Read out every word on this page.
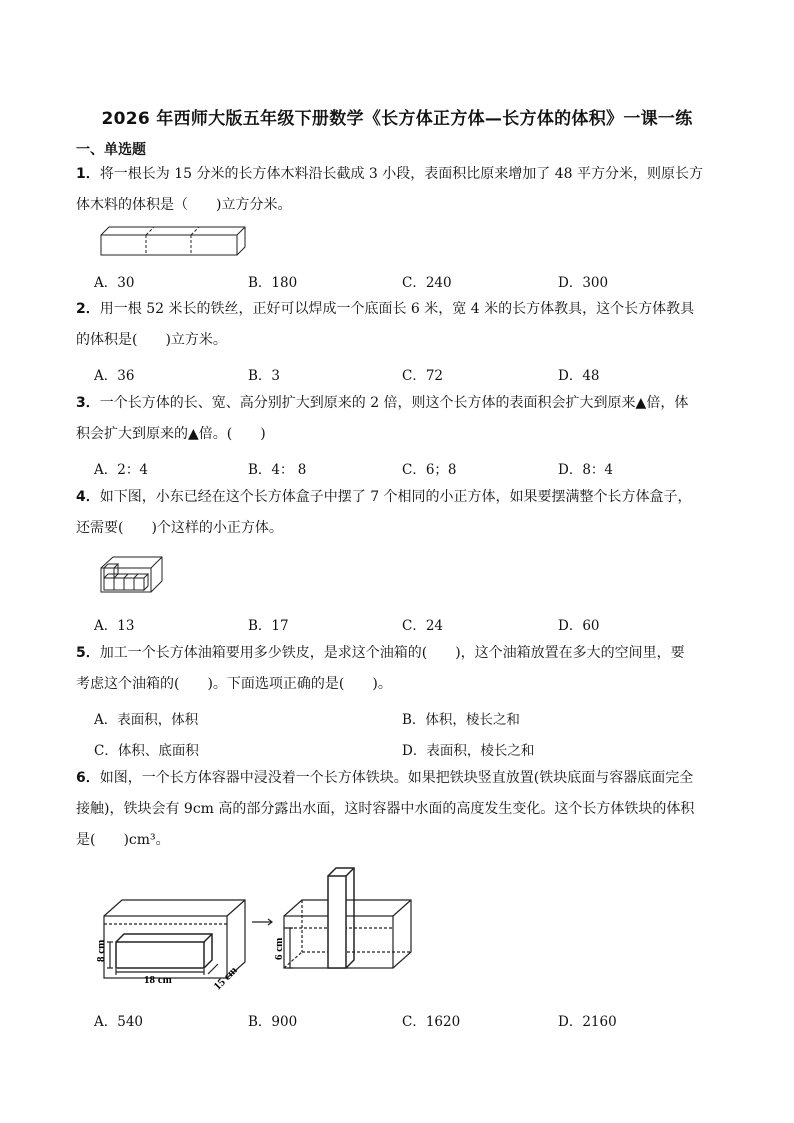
2026 年西师大版五年级下册数学《长方体正方体—长方体的体积》一课一练
一、单选题
1．将一根长为 15 分米的长方体木料沿长截成 3 小段，表面积比原来增加了 48 平方分米，则原长方
体木料的体积是（　　)立方分米。
A．30	B．180	C．240	D．300
2．用一根 52 米长的铁丝，正好可以焊成一个底面长 6 米，宽 4 米的长方体教具，这个长方体教具
的体积是(　　)立方米。
A．36	B．3	C．72	D．48
3．一个长方体的长、宽、高分别扩大到原来的 2 倍，则这个长方体的表面积会扩大到原来▲倍，体
积会扩大到原来的▲倍。(　　)
A．2：4	B．4： 8	C．6；8	D．8：4
4．如下图，小东已经在这个长方体盒子中摆了 7 个相同的小正方体，如果要摆满整个长方体盒子，
还需要(　　)个这样的小正方体。
A．13	B．17	C．24	D．60
5．加工一个长方体油箱要用多少铁皮，是求这个油箱的(　　)，这个油箱放置在多大的空间里，要
考虑这个油箱的(　　)。下面选项正确的是(　　)。
A．表面积，体积	B．体积，棱长之和
C．体积、底面积	D．表面积，棱长之和
6．如图，一个长方体容器中浸没着一个长方体铁块。如果把铁块竖直放置(铁块底面与容器底面完全
接触)，铁块会有 9cm 高的部分露出水面，这时容器中水面的高度发生变化。这个长方体铁块的体积
是(　　)cm³。
8 cm
18 cm	15 cm
6 cm
A．540	B．900	C．1620	D．2160
